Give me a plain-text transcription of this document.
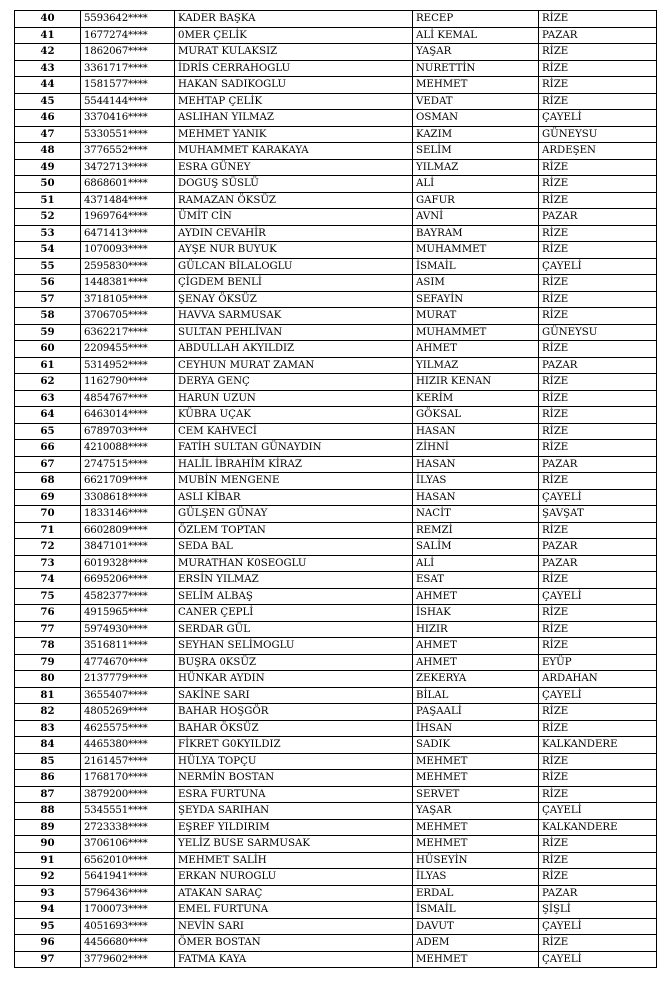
40	5593642****	KADER BAŞKA	RECEP	RİZE
41	1677274****	0MER ÇELİK	ALİ KEMAL	PAZAR
42	1862067****	MURAT KULAKSIZ	YAŞAR	RİZE
43	3361717****	İDRİS CERRAHOGLU	NURETTİN	RİZE
44	1581577****	HAKAN SADIKOGLU	MEHMET	RİZE
45	5544144****	MEHTAP ÇELİK	VEDAT	RİZE
46	3370416****	ASLIHAN YILMAZ	OSMAN	ÇAYELİ
47	5330551****	MEHMET YANIK	KAZIM	GÜNEYSU
48	3776552****	MUHAMMET KARAKAYA	SELİM	ARDEŞEN
49	3472713****	ESRA GÜNEY	YILMAZ	RİZE
50	6868601****	DOGUŞ SÜSLÜ	ALİ	RİZE
51	4371484****	RAMAZAN ÖKSÜZ	GAFUR	RİZE
52	1969764****	ÜMİT CİN	AVNİ	PAZAR
53	6471413****	AYDIN CEVAHİR	BAYRAM	RİZE
54	1070093****	AYŞE NUR BUYUK	MUHAMMET	RİZE
55	2595830****	GÜLCAN BİLALOGLU	İSMAİL	ÇAYELİ
56	1448381****	ÇİGDEM BENLİ	ASIM	RİZE
57	3718105****	ŞENAY ÖKSÜZ	SEFAYİN	RİZE
58	3706705****	HAVVA SARMUSAK	MURAT	RİZE
59	6362217****	SULTAN PEHLİVAN	MUHAMMET	GÜNEYSU
60	2209455****	ABDULLAH AKYILDIZ	AHMET	RİZE
61	5314952****	CEYHUN MURAT ZAMAN	YILMAZ	PAZAR
62	1162790****	DERYA GENÇ	HIZIR KENAN	RİZE
63	4854767****	HARUN UZUN	KERİM	RİZE
64	6463014****	KÜBRA UÇAK	GÖKSAL	RİZE
65	6789703****	CEM KAHVECİ	HASAN	RİZE
66	4210088****	FATİH SULTAN GÜNAYDIN	ZİHNİ	RİZE
67	2747515****	HALİL İBRAHİM KİRAZ	HASAN	PAZAR
68	6621709****	MUBİN MENGENE	İLYAS	RİZE
69	3308618****	ASLI KİBAR	HASAN	ÇAYELİ
70	1833146****	GÜLŞEN GÜNAY	NACİT	ŞAVŞAT
71	6602809****	ÖZLEM TOPTAN	REMZİ	RİZE
72	3847101****	SEDA BAL	SALİM	PAZAR
73	6019328****	MURATHAN K0SEOGLU	ALİ	PAZAR
74	6695206****	ERSİN YILMAZ	ESAT	RİZE
75	4582377****	SELİM ALBAŞ	AHMET	ÇAYELİ
76	4915965****	CANER ÇEPLİ	İSHAK	RİZE
77	5974930****	SERDAR GÜL	HIZIR	RİZE
78	3516811****	SEYHAN SELİMOGLU	AHMET	RİZE
79	4774670****	BUŞRA 0KSÜZ	AHMET	EYÜP
80	2137779****	HÜNKAR AYDIN	ZEKERYA	ARDAHAN
81	3655407****	SAKİNE SARI	BİLAL	ÇAYELİ
82	4805269****	BAHAR HOŞGÖR	PAŞAALİ	RİZE
83	4625575****	BAHAR ÖKSÜZ	İHSAN	RİZE
84	4465380****	FİKRET G0KYILDIZ	SADIK	KALKANDERE
85	2161457****	HÜLYA TOPÇU	MEHMET	RİZE
86	1768170****	NERMİN BOSTAN	MEHMET	RİZE
87	3879200****	ESRA FURTUNA	SERVET	RİZE
88	5345551****	ŞEYDA SARIHAN	YAŞAR	ÇAYELİ
89	2723338****	EŞREF YILDIRIM	MEHMET	KALKANDERE
90	3706106****	YELİZ BUSE SARMUSAK	MEHMET	RİZE
91	6562010****	MEHMET SALİH	HÜSEYİN	RİZE
92	5641941****	ERKAN NUROGLU	İLYAS	RİZE
93	5796436****	ATAKAN SARAÇ	ERDAL	PAZAR
94	1700073****	EMEL FURTUNA	İSMAİL	ŞİŞLİ
95	4051693****	NEVİN SARI	DAVUT	ÇAYELİ
96	4456680****	ÖMER BOSTAN	ADEM	RİZE
97	3779602****	FATMA KAYA	MEHMET	ÇAYELİ
